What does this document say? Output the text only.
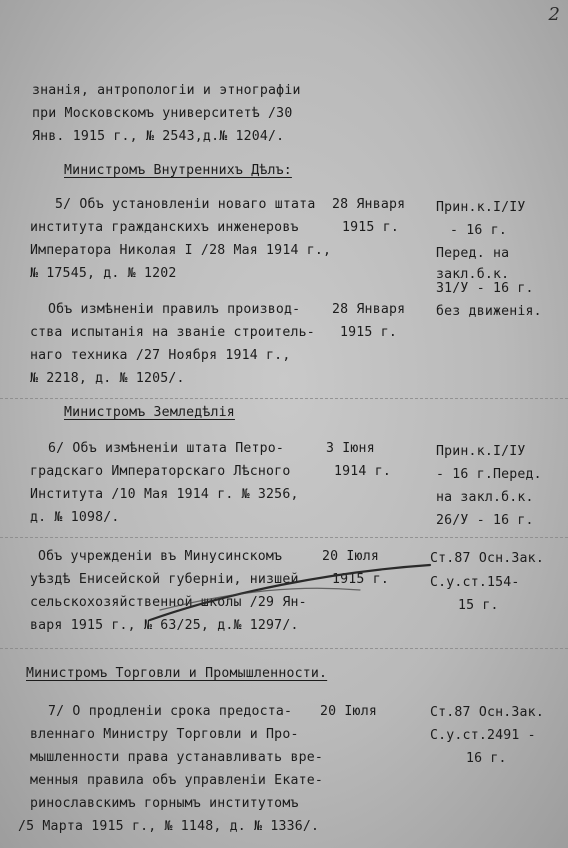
2
знанія, антропологіи и этнографіи
при Московскомъ университетѣ /30
Янв. 1915 г., № 2543,д.№ 1204/.
Министромъ Внутреннихъ Дѣлъ:
5/ Объ установленіи новаго штата
института гражданскихъ инженеровъ
Императора Николая I /28 Мая 1914 г.,
№ 17545, д. № 1202
28 Января
1915 г.
Прин.к.I/IУ
- 16 г.
Перед. на
закл.б.к.
31/У - 16 г.
Объ измѣненіи правилъ производ-
ства испытанія на званіе строитель-
наго техника /27 Ноября 1914 г.,
№ 2218, д. № 1205/.
28 Января
1915 г.
без движенія.
Министромъ Земледѣлія
6/ Объ измѣненіи штата Петро-
градскаго Императорскаго Лѣсного
Института /10 Мая 1914 г. № 3256,
д. № 1098/.
3 Іюня
1914 г.
Прин.к.I/IУ
- 16 г.Перед.
на закл.б.к.
26/У - 16 г.
Объ учрежденіи въ Минусинскомъ
уѣздѣ Енисейской губерніи, низшей
сельскохозяйственной школы /29 Ян-
варя 1915 г., № 63/25, д.№ 1297/.
20 Іюля
1915 г.
Ст.87 Осн.Зак.
С.у.ст.154-
15 г.
Министромъ Торговли и Промышленности.
7/ О продленіи срока предоста-
вленнаго Министру Торговли и Про-
мышленности права устанавливать вре-
менныя правила объ управленіи Екате-
ринославскимъ горнымъ институтомъ
/5 Марта 1915 г., № 1148, д. № 1336/.
20 Іюля	Ст.87 Осн.Зак.
С.у.ст.2491 -
16 г.
